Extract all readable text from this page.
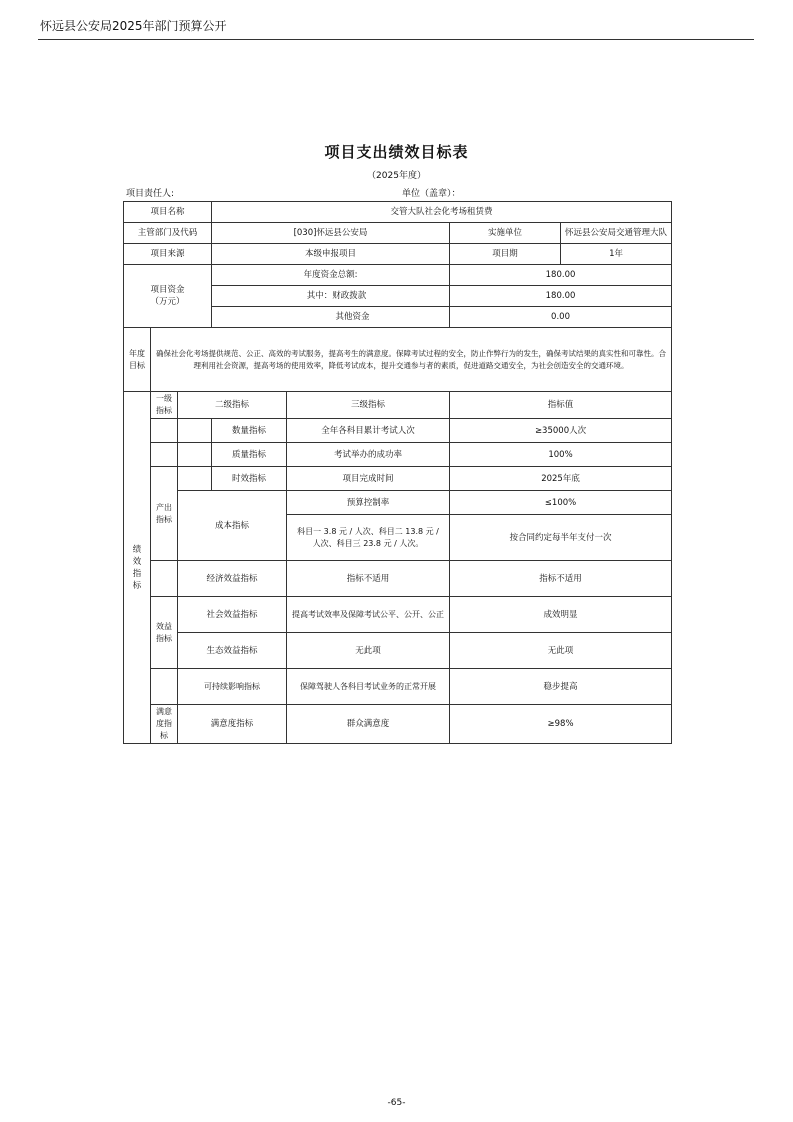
怀远县公安局2025年部门预算公开
项目支出绩效目标表
（2025年度）
项目责任人:	单位（盖章）：
项目名称			交管大队社会化考场租赁费			
主管部门及代码			[030]怀远县公安局		实施单位	怀远县公安局交通管理大队
项目来源			本级申报项目		项目期	1年
项目资金
（万元）			年度资金总额:		180.00	
			其中：财政拨款		180.00	
			其他资金		0.00	
年度目标	确保社会化考场提供规范、公正、高效的考试服务，提高考生的满意度。保障考试过程的安全，防止作弊行为的发生，确保考试结果的真实性和可靠性。合理利用社会资源，提高考场的使用效率，降低考试成本，提升交通参与者的素质，促进道路交通安全，为社会创造安全的交通环境。					
绩效指标	一级指标	二级指标		三级指标	指标值	
			数量指标	全年各科目累计考试人次	≥35000人次	
			质量指标	考试举办的成功率	100%	
	产出指标		时效指标	项目完成时间	2025年底	
		成本指标		预算控制率	≤100%	
				科目一 3.8 元 / 人次、科目二 13.8 元 / 人次、科目三 23.8 元 / 人次。	按合同约定每半年支付一次	
		经济效益指标		指标不适用	指标不适用	
	效益指标	社会效益指标		提高考试效率及保障考试公平、公开、公正	成效明显	
		生态效益指标		无此项	无此项	
		可持续影响指标		保障驾驶人各科目考试业务的正常开展	稳步提高	
	满意度指标	满意度指标		群众满意度	≥98%	
-65-
